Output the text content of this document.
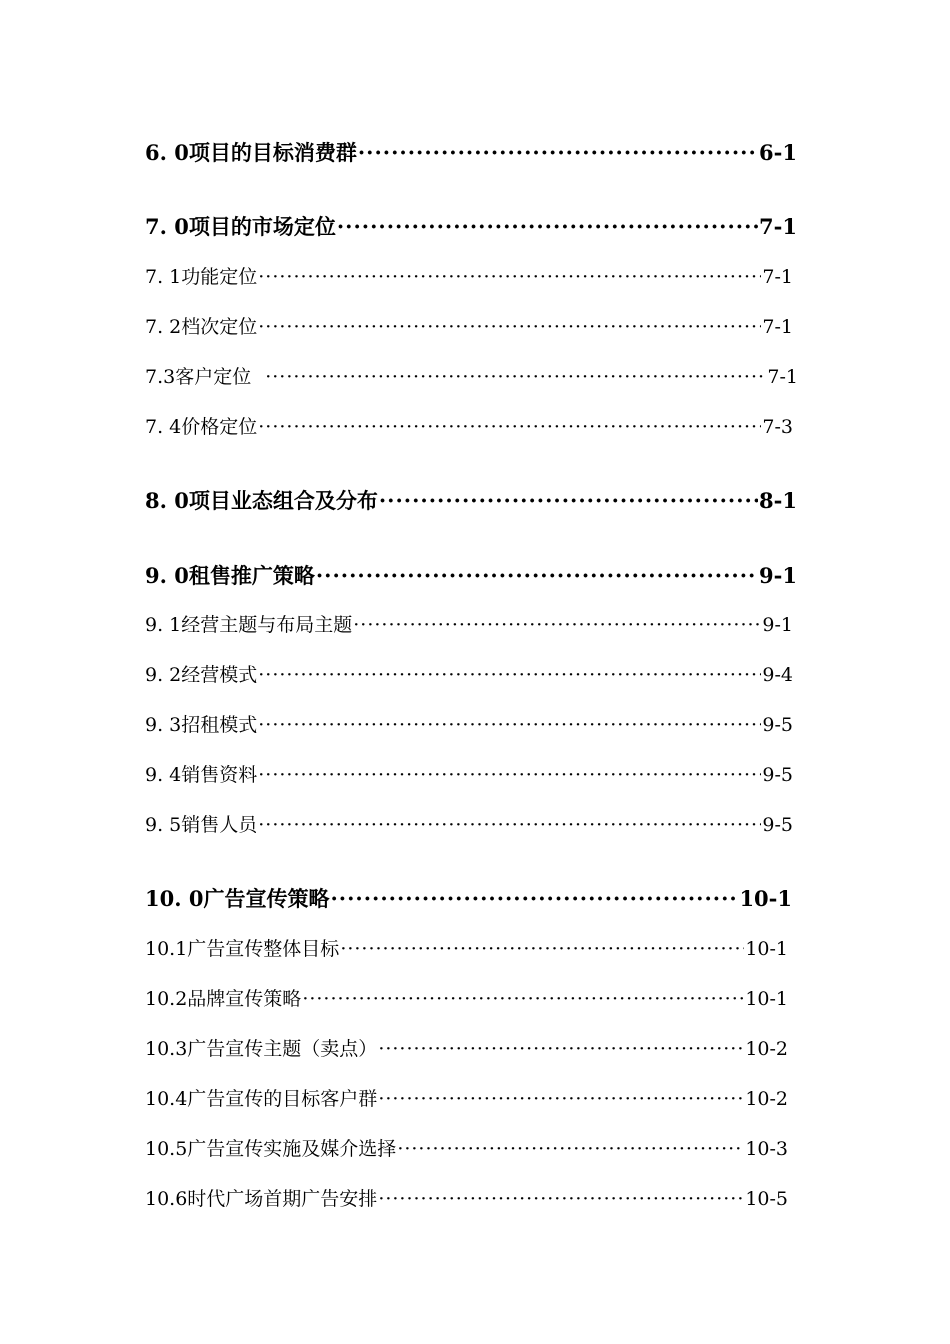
6. 0项目的目标消费群 ·····	6-1
7. 0项目的市场定位 ·····	7-1
7. 1功能定位 ·····	7-1
7. 2档次定位 ·····	7-1
7.3客户定位 ·····	7-1
7. 4价格定位 ·····	7-3
8. 0项目业态组合及分布 ·····	8-1
9. 0租售推广策略 ·····	9-1
9. 1经营主题与布局主题 ·····	9-1
9. 2经营模式 ·····	9-4
9. 3招租模式 ·····	9-5
9. 4销售资料 ·····	9-5
9. 5销售人员 ·····	9-5
10. 0广告宣传策略 ·····	10-1
10.1广告宣传整体目标 ·····	10-1
10.2品牌宣传策略 ·····	10-1
10.3广告宣传主题（卖点） ·····	10-2
10.4广告宣传的目标客户群 ·····	10-2
10.5广告宣传实施及媒介选择 ·····	10-3
10.6时代广场首期广告安排 ·····	10-5
